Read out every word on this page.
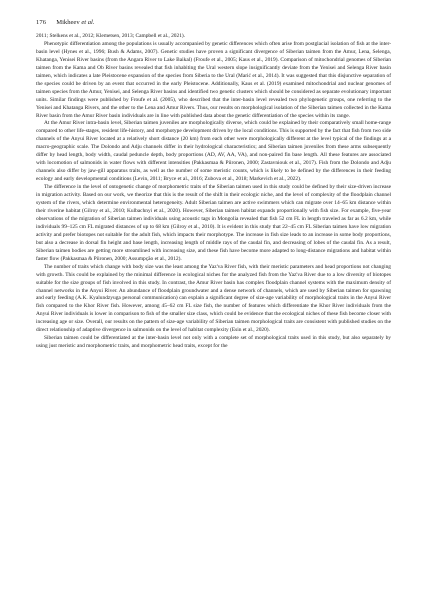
176 Mikheev et al.

2011; Stelkens et al., 2012; Klemetsen, 2013; Campbell et al., 2021).

Phenotypic differentiation among the populations is usually accompanied by genetic differences which often arise from postglacial isolation of fish at the inter-basin level (Hynes et al., 1996; Bush & Adams, 2007). Genetic studies have proven a significant divergence of Siberian taimen from the Amur, Lena, Selenga, Khatanga, Yenisei River basins (from the Angara River to Lake Baikal) (Froufe et al., 2005; Kaus et al., 2019). Comparison of mitochondrial genomes of Siberian taimen from the Kama and Ob River basins revealed that fish inhabiting the Ural western slope insignificantly deviate from the Yenisei and Selenga River basin taimen, which indicates a late Pleistocene expansion of the species from Siberia to the Ural (Marić et al., 2014). It was suggested that this disjunctive separation of the species could be driven by an event that occurred in the early Pleistocene. Additionally, Kaus et al. (2019) examined mitochondrial and nuclear genomes of taimen species from the Amur, Yenisei, and Selenga River basins and identified two genetic clusters which should be considered as separate evolutionary important units. Similar findings were published by Froufe et al. (2005), who described that the inter-basin level revealed two phylogenetic groups, one referring to the Yenisei and Khatanga Rivers, and the other to the Lena and Amur Rivers. Thus, our results on morphological isolation of the Siberian taimen collected in the Kama River basin from the Amur River basin individuals are in line with published data about the genetic differentiation of the species within its range.

At the Amur River intra-basin level, Siberian taimen juveniles are morphologically diverse, which could be explained by their comparatively small home-range compared to other life-stages, resident life-history, and morphotype development driven by the local conditions. This is supported by the fact that fish from two side channels of the Anyui River located at a relatively short distance (20 km) from each other were morphologically different at the level typical of the findings at a macro-geographic scale. The Dolondo and Adju channels differ in their hydrological characteristics; and Siberian taimen juveniles from these arms subsequently differ by head length, body width, caudal peduncle depth, body proportions (AD, AV, AA, VA), and non-paired fin base length. All these features are associated with locomotion of salmonids in water flows with different intensities (Pakkasmaa & Piironen, 2000; Zastavniouk et al., 2017). Fish from the Dolondo and Adju channels also differ by jaw-gill apparatus traits, as well as the number of some meristic counts, which is likely to be defined by the differences in their feeding ecology and early developmental conditions (Levin, 2011; Bryce et al., 2016; Zubova et al., 2018; Markevich et al., 2022).

The difference in the level of ontogenetic change of morphometric traits of the Siberian taimen used in this study could be defined by their size-driven increase in migration activity. Based on our work, we theorize that this is the result of the shift in their ecologic niche, and the level of complexity of the floodplain channel system of the rivers, which determine environmental heterogeneity. Adult Siberian taimen are active swimmers which can migrate over 14–65 km distance within their riverine habitat (Gilroy et al., 2010; Kulbachnyi et al., 2020). However, Siberian taimen habitat expands proportionally with fish size. For example, five-year observations of the migration of Siberian taimen individuals using acoustic tags in Mongolia revealed that fish 52 cm FL in length traveled as far as 6.2 km, while individuals 99–125 cm FL migrated distances of up to 68 km (Gilroy et al., 2010). It is evident in this study that 22–45 cm FL Siberian taimen have low migration activity and prefer biotopes not suitable for the adult fish, which impacts their morphotype. The increase in fish size leads to an increase in some body proportions, but also a decrease in dorsal fin height and base length, increasing length of middle rays of the caudal fin, and decreasing of lobes of the caudal fin. As a result, Siberian taimen bodies are getting more streamlined with increasing size, and these fish have become more adapted to long-distance migrations and habitat within faster flow (Pakkasmaa & Piironen, 2000; Assumpção et al., 2012).

The number of traits which change with body size was the least among the Yaz'va River fish, with their meristic parameters and head proportions not changing with growth. This could be explained by the minimal difference in ecological niches for the analyzed fish from the Yaz'va River due to a low diversity of biotopes suitable for the size groups of fish involved in this study. In contrast, the Amur River basin has complex floodplain channel systems with the maximum density of channel networks in the Anyui River. An abundance of floodplain groundwater and a dense network of channels, which are used by Siberian taimen for spawning and early feeding (A.K. Kyalundzyuga personal communication) can explain a significant degree of size-age variability of morphological traits in the Anyui River fish compared to the Khor River fish. However, among 45–62 cm FL size fish, the number of features which differentiate the Khor River individuals from the Anyui River individuals is lower in comparison to fish of the smaller size class, which could be evidence that the ecological niches of these fish become closer with increasing age or size. Overall, our results on the pattern of size-age variability of Siberian taimen morphological traits are consistent with published studies on the direct relationship of adaptive divergence in salmonids on the level of habitat complexity (Esin et al., 2020).

Siberian taimen could be differentiated at the inter-basin level not only with a complete set of morphological traits used in this study, but also separately by using just meristic and morphometric traits, and morphometric head traits, except for the
